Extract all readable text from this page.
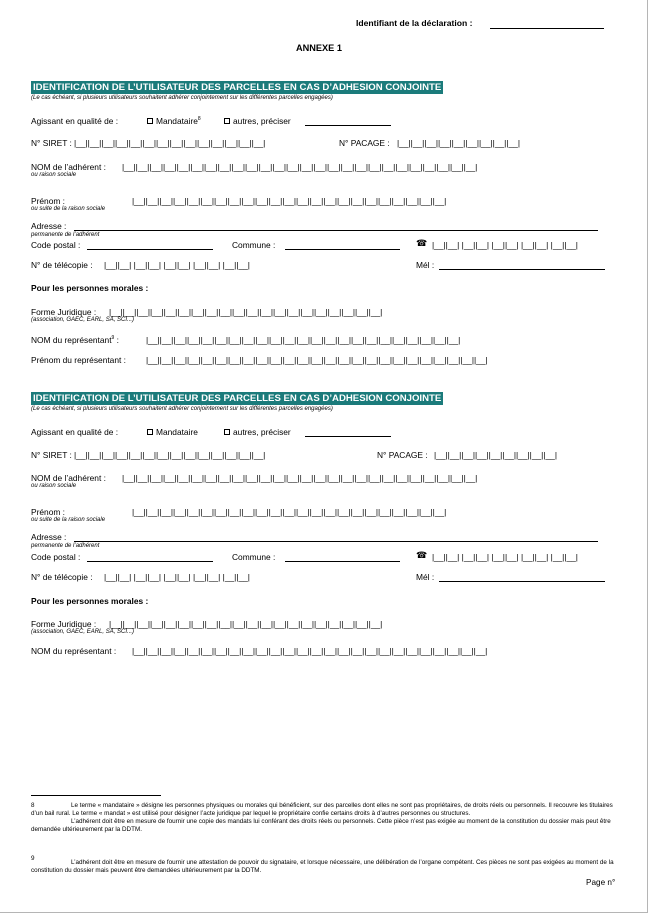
Identifiant de la déclaration :
ANNEXE 1
IDENTIFICATION DE L’UTILISATEUR DES PARCELLES EN CAS D’ADHESION CONJOINTE
(Le cas échéant, si plusieurs utilisateurs souhaitent adhérer conjointement sur les différentes parcelles engagées)
Agissant en qualité de :	Mandataire$^8$	autres, préciser
N° SIRET : |__||__||__||__||__||__||__||__||__||__||__||__||__||__|	N° PACAGE : |__||__||__||__||__||__||__||__||__|
NOM de l’adhérent :
ou raison sociale
|__||__||__||__||__||__||__||__||__||__||__||__||__||__||__||__||__||__||__||__||__||__||__||__||__||__|
Prénom :
ou suite de la raison sociale
|__||__||__||__||__||__||__||__||__||__||__||__||__||__||__||__||__||__||__||__||__||__||__|
Adresse :
permanente de l’adhérent
Code postal :	Commune :	☎ |__||__| |__||__| |__||__| |__||__| |__||__|
N° de télécopie : |__||__| |__||__| |__||__| |__||__| |__||__|	Mél :
Pour les personnes morales :
Forme Juridique : |__||__||__||__||__||__||__||__||__||__||__||__||__||__||__||__||__||__||__||__|
(association, GAEC, EARL, SA, SCI...)
NOM du représentant$^9$ :	|__||__||__||__||__||__||__||__||__||__||__||__||__||__||__||__||__||__||__||__||__||__||__|
Prénom du représentant : |__||__||__||__||__||__||__||__||__||__||__||__||__||__||__||__||__||__||__||__||__||__||__||__||__|
IDENTIFICATION DE L’UTILISATEUR DES PARCELLES EN CAS D’ADHESION CONJOINTE
(Le cas échéant, si plusieurs utilisateurs souhaitent adhérer conjointement sur les différentes parcelles engagées)
Agissant en qualité de :	Mandataire	autres, préciser
N° SIRET : |__||__||__||__||__||__||__||__||__||__||__||__||__||__|	N° PACAGE : |__||__||__||__||__||__||__||__||__|
NOM de l’adhérent :
ou raison sociale
|__||__||__||__||__||__||__||__||__||__||__||__||__||__||__||__||__||__||__||__||__||__||__||__||__||__|
Prénom :
ou suite de la raison sociale
|__||__||__||__||__||__||__||__||__||__||__||__||__||__||__||__||__||__||__||__||__||__||__|
Adresse :
permanente de l’adhérent
Code postal :	Commune :	☎ |__||__| |__||__| |__||__| |__||__| |__||__|
N° de télécopie : |__||__| |__||__| |__||__| |__||__| |__||__|	Mél :
Pour les personnes morales :
Forme Juridique : |__||__||__||__||__||__||__||__||__||__||__||__||__||__||__||__||__||__||__||__|
(association, GAEC, EARL, SA, SCI...)
NOM du représentant : |__||__||__||__||__||__||__||__||__||__||__||__||__||__||__||__||__||__||__||__||__||__||__||__||__||__|
8	Le terme « mandataire » désigne les personnes physiques ou morales qui bénéficient, sur des parcelles dont elles ne sont pas propriétaires, de droits réels ou personnels. Il recouvre les titulaires d’un bail rural. Le terme « mandat » est utilisé pour désigner l’acte juridique par lequel le propriétaire confie certains droits à d’autres personnes ou structures.
L’adhérent doit être en mesure de fournir une copie des mandats lui conférant des droits réels ou personnels. Cette pièce n’est pas exigée au moment de la constitution du dossier mais peut être demandée ultérieurement par la DDTM.
9
L’adhérent doit être en mesure de fournir une attestation de pouvoir du signataire, et lorsque nécessaire, une délibération de l’organe compétent. Ces pièces ne sont pas exigées au moment de la constitution du dossier mais peuvent être demandées ultérieurement par la DDTM.
Page n°
